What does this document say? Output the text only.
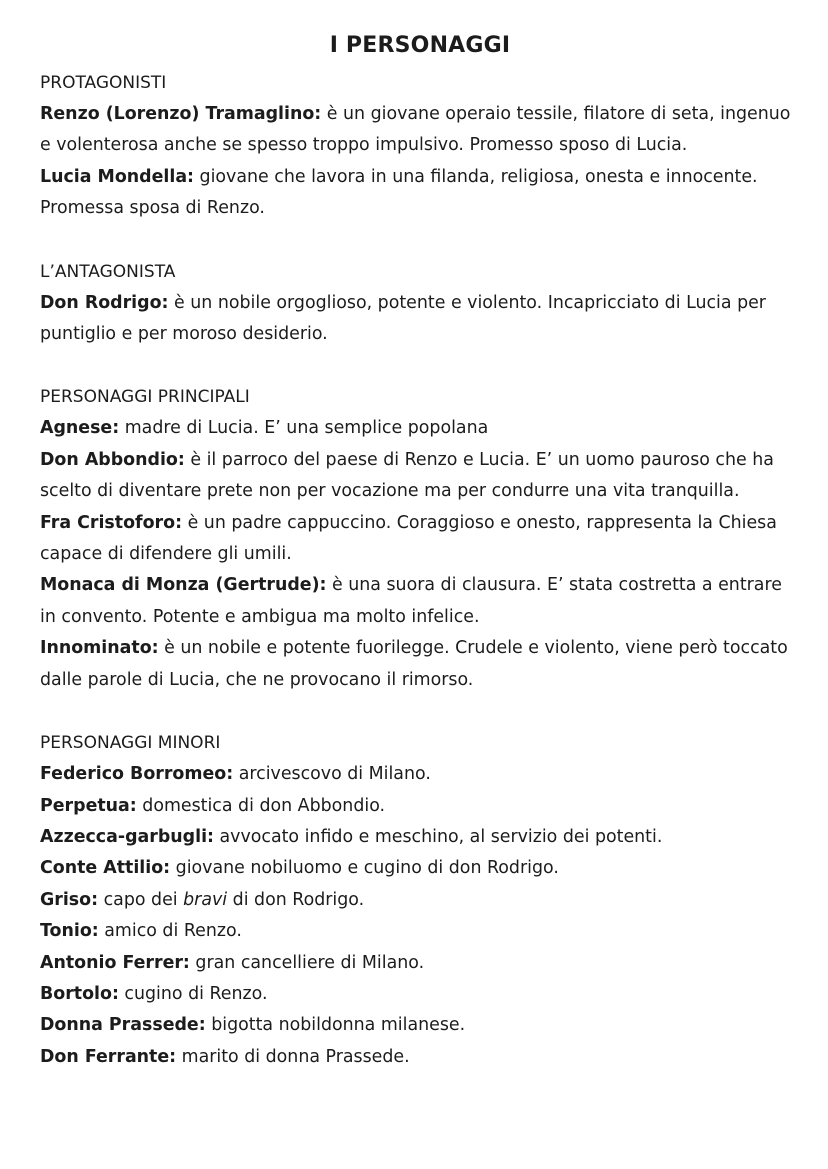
I PERSONAGGI
PROTAGONISTI

Renzo (Lorenzo) Tramaglino: è un giovane operaio tessile, filatore di seta, ingenuo e volenterosa anche se spesso troppo impulsivo. Promesso sposo di Lucia.

Lucia Mondella: giovane che lavora in una filanda, religiosa, onesta e innocente. Promessa sposa di Renzo.

L’ANTAGONISTA

Don Rodrigo: è un nobile orgoglioso, potente e violento. Incapricciato di Lucia per puntiglio e per moroso desiderio.

PERSONAGGI PRINCIPALI

Agnese: madre di Lucia. E’ una semplice popolana

Don Abbondio: è il parroco del paese di Renzo e Lucia. E’ un uomo pauroso che ha scelto di diventare prete non per vocazione ma per condurre una vita tranquilla.

Fra Cristoforo: è un padre cappuccino. Coraggioso e onesto, rappresenta la Chiesa capace di difendere gli umili.

Monaca di Monza (Gertrude): è una suora di clausura. E’ stata costretta a entrare in convento. Potente e ambigua ma molto infelice.

Innominato: è un nobile e potente fuorilegge. Crudele e violento, viene però toccato dalle parole di Lucia, che ne provocano il rimorso.

PERSONAGGI MINORI

Federico Borromeo: arcivescovo di Milano.

Perpetua: domestica di don Abbondio.

Azzecca-garbugli: avvocato infido e meschino, al servizio dei potenti.

Conte Attilio: giovane nobiluomo e cugino di don Rodrigo.

Griso: capo dei bravi di don Rodrigo.

Tonio: amico di Renzo.

Antonio Ferrer: gran cancelliere di Milano.

Bortolo: cugino di Renzo.

Donna Prassede: bigotta nobildonna milanese.

Don Ferrante: marito di donna Prassede.
